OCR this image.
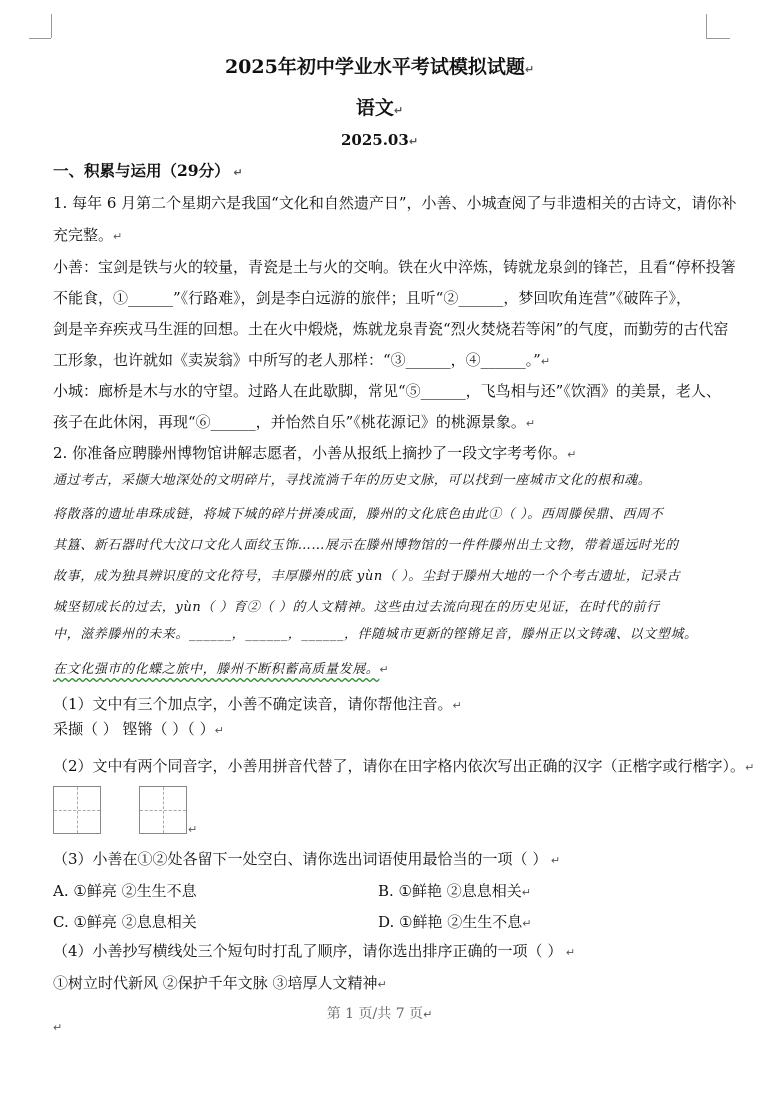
2025年初中学业水平考试模拟试题↵
语文↵
2025.03↵
一、积累与运用（29分） ↵
1. 每年 6 月第二个星期六是我国“文化和自然遗产日”，小善、小城查阅了与非遗相关的古诗文，请你补
充完整。↵
小善：宝剑是铁与火的较量，青瓷是土与火的交响。铁在火中淬炼，铸就龙泉剑的锋芒，且看“停杯投箸
不能食，①______”《行路难》，剑是李白远游的旅伴；且听“②______，梦回吹角连营”《破阵子》，
剑是辛弃疾戎马生涯的回想。土在火中煅烧，炼就龙泉青瓷“烈火焚烧若等闲”的气度，而勤劳的古代窑
工形象，也许就如《卖炭翁》中所写的老人那样：“③______，④______。”↵
小城：廊桥是木与水的守望。过路人在此歇脚，常见“⑤______，飞鸟相与还”《饮酒》的美景，老人、
孩子在此休闲，再现“⑥______，并怡然自乐”《桃花源记》的桃源景象。↵
2. 你准备应聘滕州博物馆讲解志愿者，小善从报纸上摘抄了一段文字考考你。↵
通过考古，采撷大地深处的文明碎片，寻找流淌千年的历史文脉，可以找到一座城市文化的根和魂。
将散落的遗址串珠成链，将城下城的碎片拼凑成面，滕州的文化底色由此①（ ）。西周滕侯鼎、西周不
其簋、新石器时代大汶口文化人面纹玉饰……展示在滕州博物馆的一件件滕州出土文物，带着遥远时光的
故事，成为独具辨识度的文化符号，丰厚滕州的底 yùn（ ）。尘封于滕州大地的一个个考古遗址，记录古
城坚韧成长的过去，yùn（ ）育②（ ）的人文精神。这些由过去流向现在的历史见证，在时代的前行
中，滋养滕州的未来。______，______，______，伴随城市更新的铿锵足音，滕州正以文铸魂、以文塑城。
在文化强市的化蝶之旅中，滕州不断积蓄高质量发展。↵
（1）文中有三个加点字，小善不确定读音，请你帮他注音。↵
采撷（ ） 铿锵（ ）（ ）↵
（2）文中有两个同音字，小善用拼音代替了，请你在田字格内依次写出正确的汉字（正楷字或行楷字）。↵
↵
（3）小善在①②处各留下一处空白、请你选出词语使用最恰当的一项（ ） ↵
A. ①鲜亮 ②生生不息	B. ①鲜艳 ②息息相关↵
C. ①鲜亮 ②息息相关	D. ①鲜艳 ②生生不息↵
（4）小善抄写横线处三个短句时打乱了顺序，请你选出排序正确的一项（ ） ↵
①树立时代新风 ②保护千年文脉 ③培厚人文精神↵
第 1 页/共 7 页↵
↵
